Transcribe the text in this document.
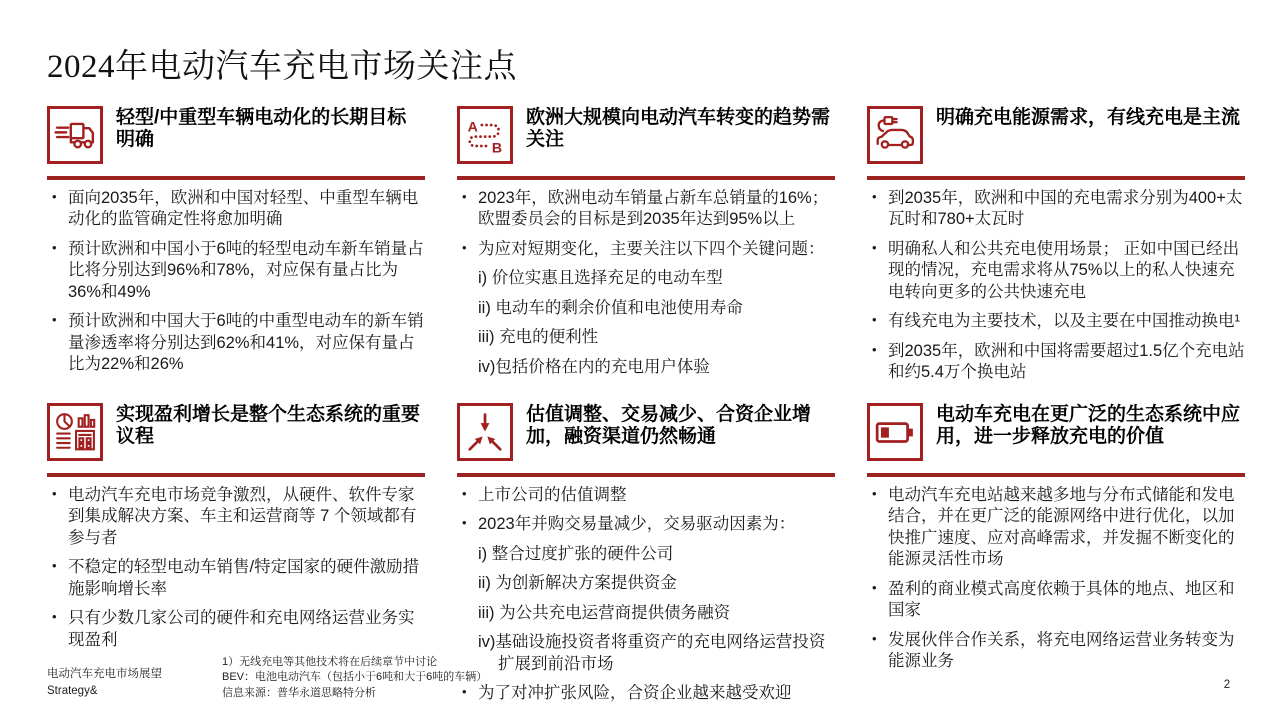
2024年电动汽车充电市场关注点
轻型/中重型车辆电动化的长期目标明确
• 面向2035年，欧洲和中国对轻型、中重型车辆电动化的监管确定性将愈加明确
• 预计欧洲和中国小于6吨的轻型电动车新车销量占比将分别达到96%和78%，对应保有量占比为36%和49%
• 预计欧洲和中国大于6吨的中重型电动车的新车销量渗透率将分别达到62%和41%，对应保有量占比为22%和26%
A
B
欧洲大规模向电动汽车转变的趋势需关注
• 2023年，欧洲电动车销量占新车总销量的16%；欧盟委员会的目标是到2035年达到95%以上
• 为应对短期变化，主要关注以下四个关键问题：
i) 价位实惠且选择充足的电动车型
ii) 电动车的剩余价值和电池使用寿命
iii) 充电的便利性
iv)包括价格在内的充电用户体验
明确充电能源需求，有线充电是主流
• 到2035年，欧洲和中国的充电需求分别为400+太瓦时和780+太瓦时
• 明确私人和公共充电使用场景； 正如中国已经出现的情况，充电需求将从75%以上的私人快速充电转向更多的公共快速充电
• 有线充电为主要技术，以及主要在中国推动换电¹
• 到2035年，欧洲和中国将需要超过1.5亿个充电站和约5.4万个换电站
实现盈利增长是整个生态系统的重要议程
• 电动汽车充电市场竞争激烈，从硬件、软件专家到集成解决方案、车主和运营商等 7 个领域都有参与者
• 不稳定的轻型电动车销售/特定国家的硬件激励措施影响增长率
• 只有少数几家公司的硬件和充电网络运营业务实现盈利
估值调整、交易减少、合资企业增加，融资渠道仍然畅通
• 上市公司的估值调整
• 2023年并购交易量减少，交易驱动因素为：
i) 整合过度扩张的硬件公司
ii) 为创新解决方案提供资金
iii) 为公共充电运营商提供债务融资
iv)基础设施投资者将重资产的充电网络运营投资扩展到前沿市场
• 为了对冲扩张风险，合资企业越来越受欢迎
电动车充电在更广泛的生态系统中应用，进一步释放充电的价值
• 电动汽车充电站越来越多地与分布式储能和发电结合，并在更广泛的能源网络中进行优化，以加快推广速度、应对高峰需求，并发掘不断变化的能源灵活性市场
• 盈利的商业模式高度依赖于具体的地点、地区和国家
• 发展伙伴合作关系，将充电网络运营业务转变为能源业务
电动汽车充电市场展望
Strategy&
1）无线充电等其他技术将在后续章节中讨论
BEV：电池电动汽车（包括小于6吨和大于6吨的车辆）
信息来源：普华永道思略特分析
2
